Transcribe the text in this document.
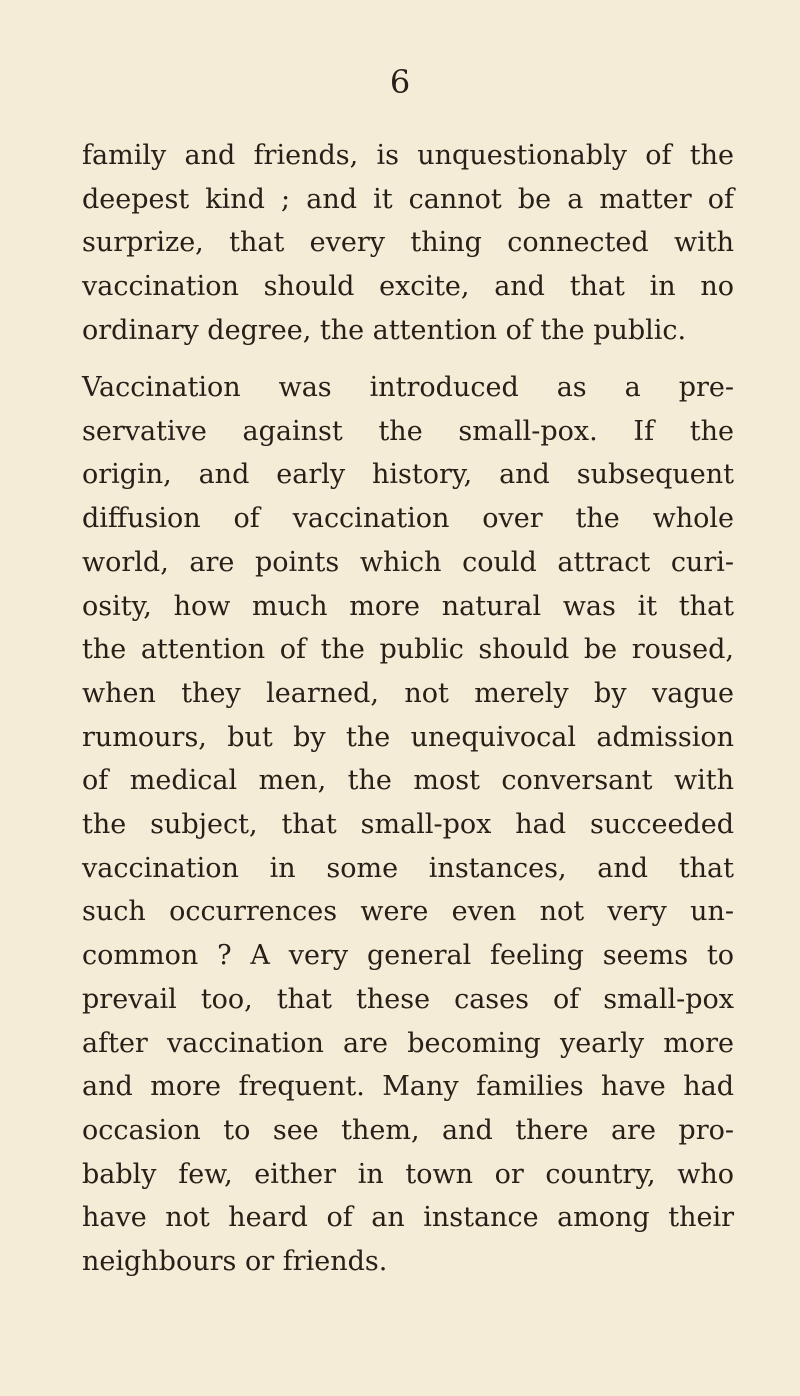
6
family and friends, is unquestionably of the
deepest kind ; and it cannot be a matter of
surprize, that every thing connected with
vaccination should excite, and that in no
ordinary degree, the attention of the public.
Vaccination was introduced as a pre-
servative against the small-pox. If the
origin, and early history, and subsequent
diffusion of vaccination over the whole
world, are points which could attract curi-
osity, how much more natural was it that
the attention of the public should be roused,
when they learned, not merely by vague
rumours, but by the unequivocal admission
of medical men, the most conversant with
the subject, that small-pox had succeeded
vaccination in some instances, and that
such occurrences were even not very un-
common ? A very general feeling seems to
prevail too, that these cases of small-pox
after vaccination are becoming yearly more
and more frequent. Many families have had
occasion to see them, and there are pro-
bably few, either in town or country, who
have not heard of an instance among their
neighbours or friends.
